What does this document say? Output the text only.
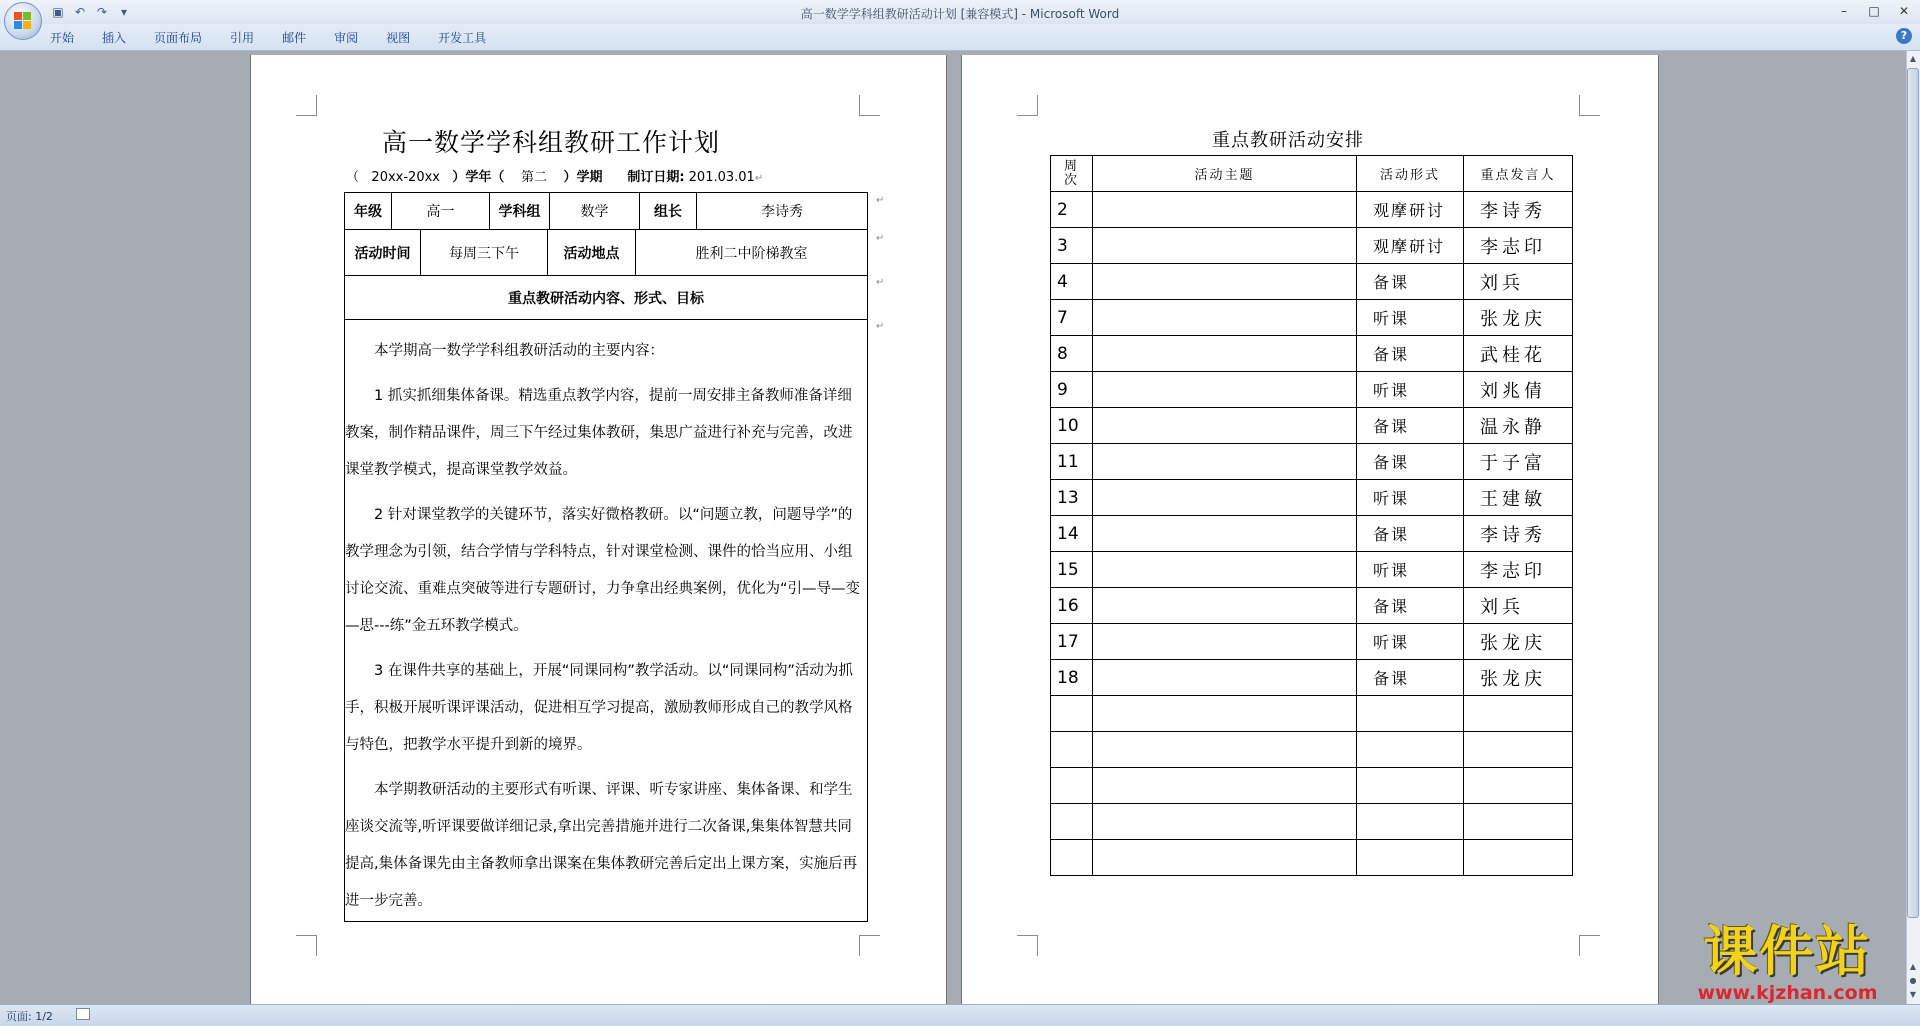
▣ ↶ ↷	▾	高一数学学科组教研活动计划 [兼容模式] - Microsoft Word	–	□	✕
开始 插入 页面布局 引用 邮件 审阅 视图 开发工具	?
高一数学学科组教研工作计划
（ 20xx-20xx ）学年（ 第二 ）学期 制订日期: 201.03.01↵
年级	高一	学科组	数学	组长	李诗秀
活动时间	每周三下午	活动地点	胜利二中阶梯教室
重点教研活动内容、形式、目标

本学期高一数学学科组教研活动的主要内容：

1 抓实抓细集体备课。精选重点教学内容，提前一周安排主备教师准备详细教案，制作精品课件，周三下午经过集体教研，集思广益进行补充与完善，改进课堂教学模式，提高课堂教学效益。

2 针对课堂教学的关键环节，落实好微格教研。以“问题立教，问题导学”的教学理念为引领，结合学情与学科特点，针对课堂检测、课件的恰当应用、小组讨论交流、重难点突破等进行专题研讨，力争拿出经典案例，优化为“引—导—变—思---练”金五环教学模式。

3 在课件共享的基础上，开展“同课同构”教学活动。以“同课同构”活动为抓手，积极开展听课评课活动，促进相互学习提高，激励教师形成自己的教学风格与特色，把教学水平提升到新的境界。

本学期教研活动的主要形式有听课、评课、听专家讲座、集体备课、和学生座谈交流等,听评课要做详细记录,拿出完善措施并进行二次备课,集集体智慧共同提高,集体备课先由主备教师拿出课案在集体教研完善后定出上课方案，实施后再进一步完善。

↵
↵
↵
↵
重点教研活动安排
周
次	活动主题	活动形式	重点发言人
2		观摩研讨	李诗秀
3		观摩研讨	李志印
4		备课	刘兵
7		听课	张龙庆
8		备课	武桂花
9		听课	刘兆倩
10		备课	温永静
11		备课	于子富
13		听课	王建敏
14		备课	李诗秀
15		听课	李志印
16		备课	刘兵
17		听课	张龙庆
18		备课	张龙庆

▲
▲
●
▼
页面: 1/2
课件站
www.kjzhan.com
